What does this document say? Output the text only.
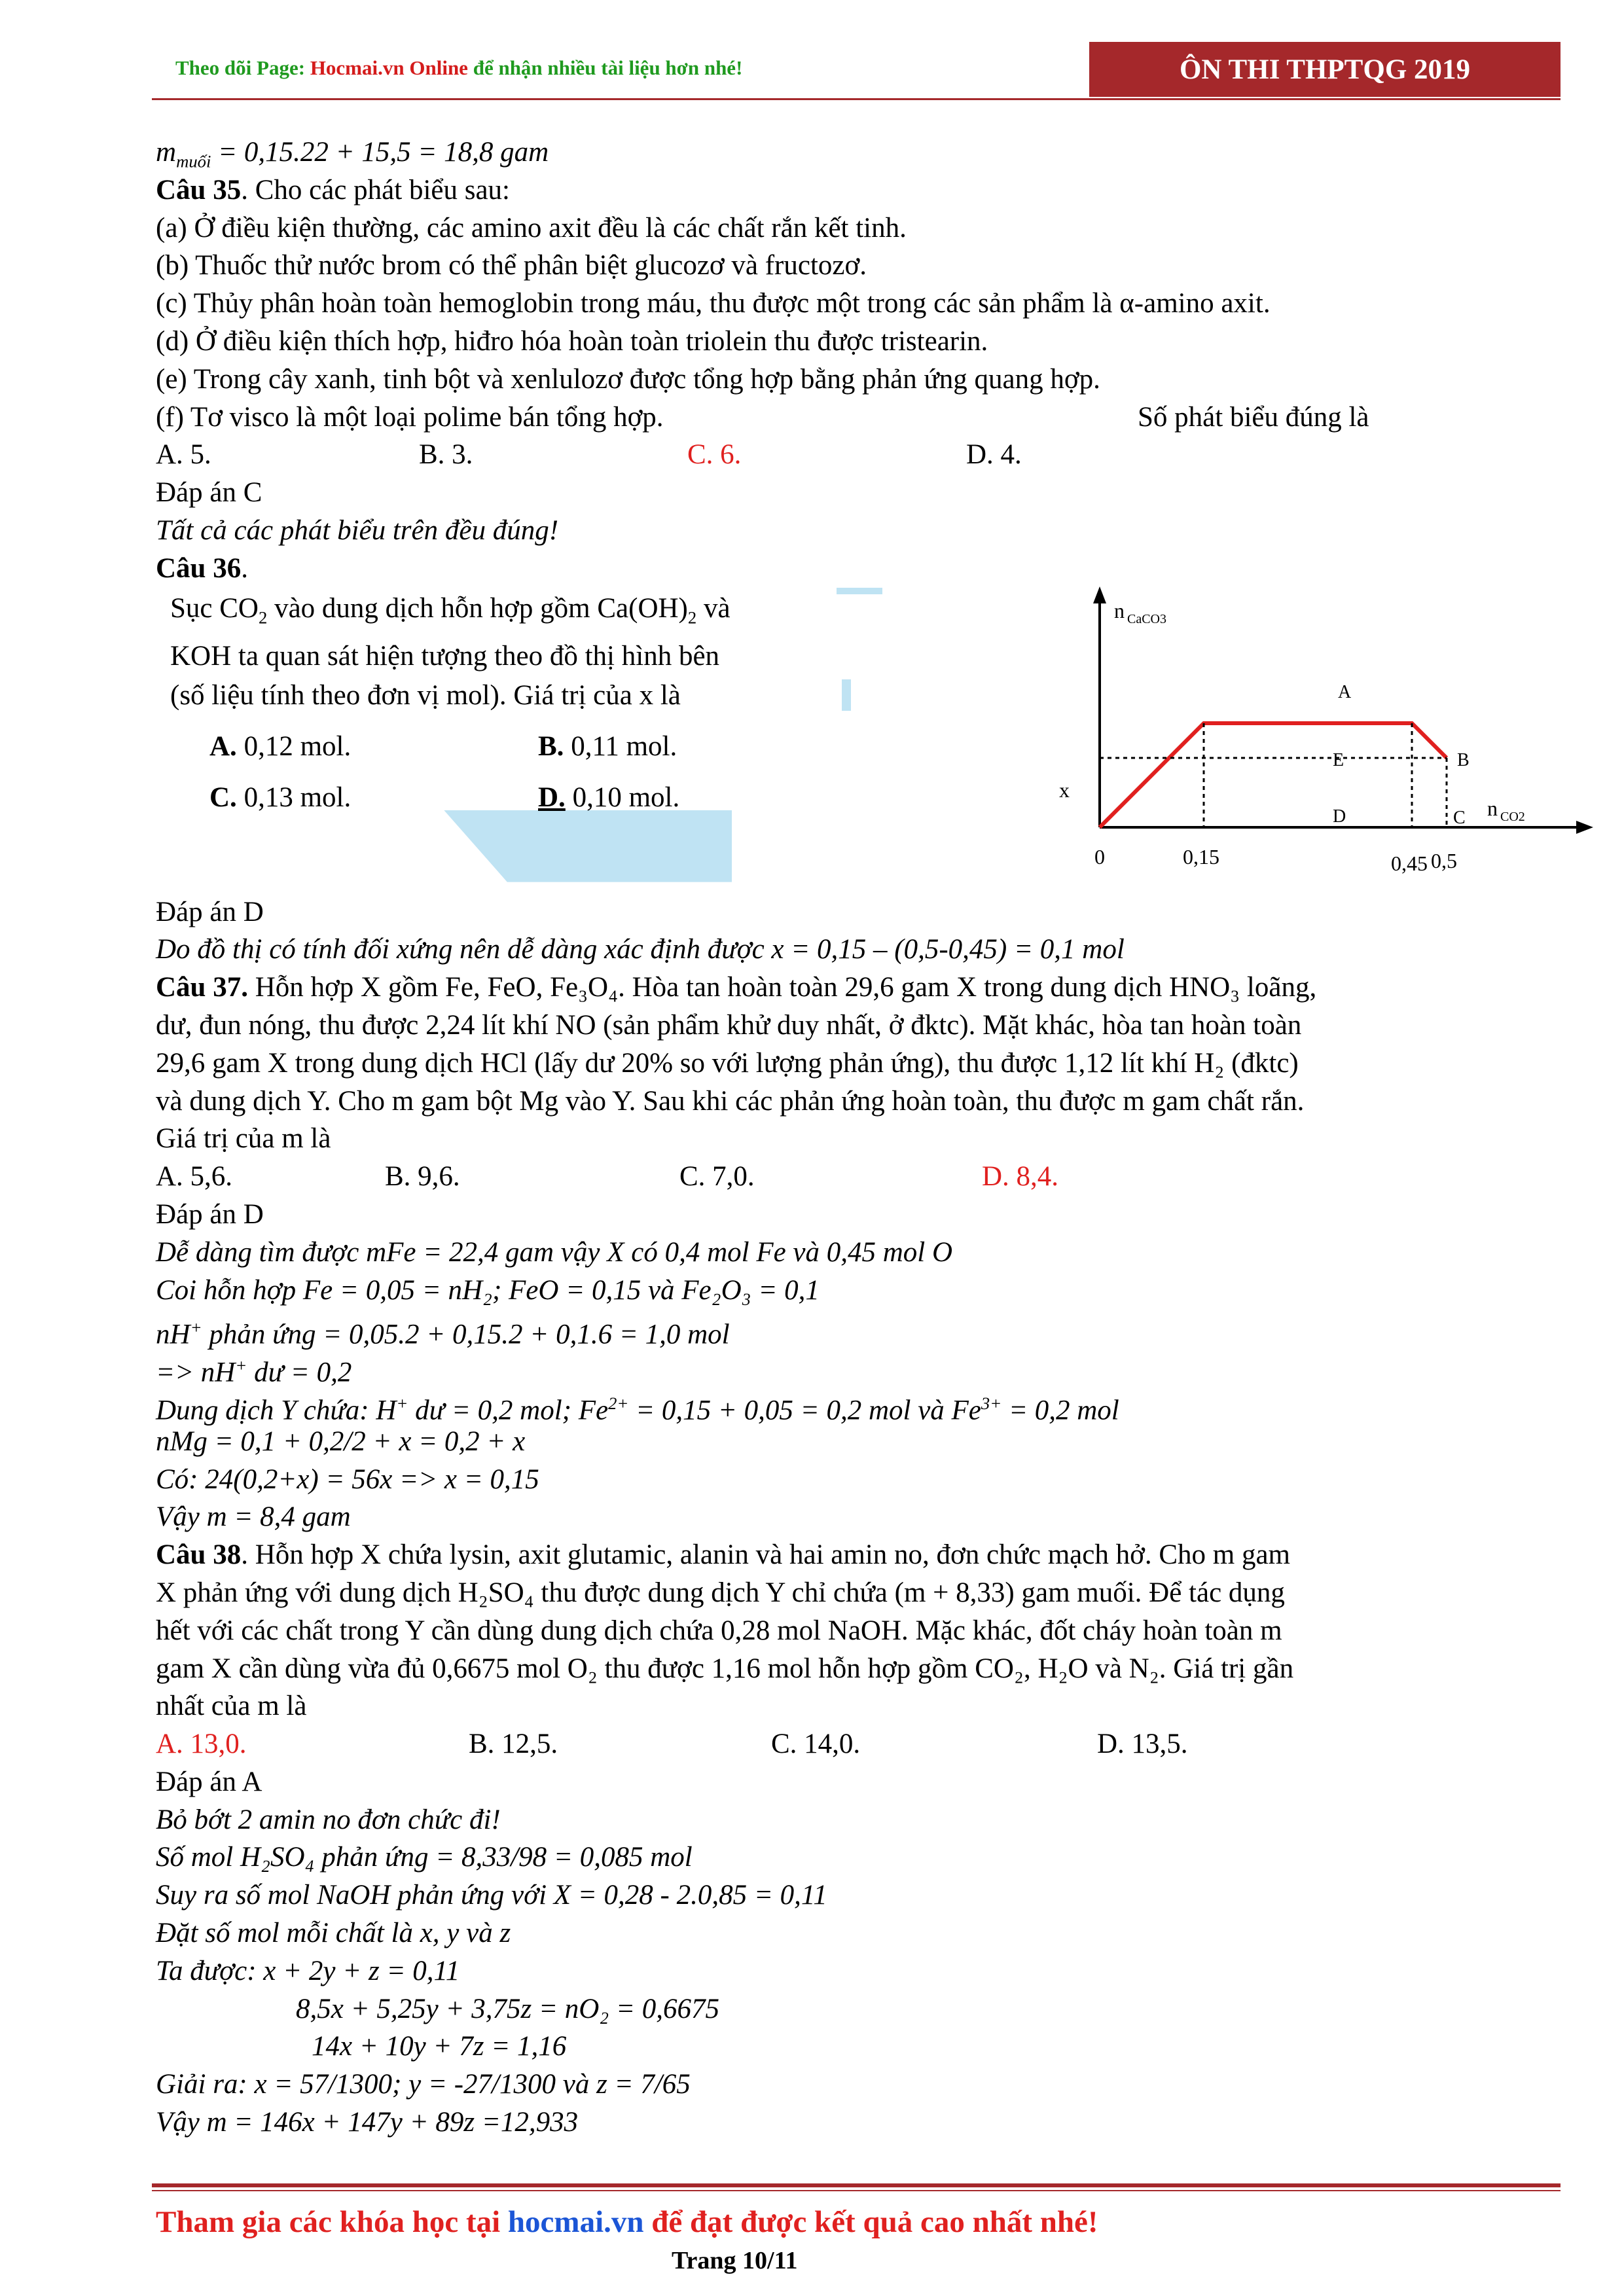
Theo dõi Page: Hocmai.vn Online để nhận nhiều tài liệu hơn nhé!	ÔN THI THPTQG 2019
$m_{muối} = 0,15.22 + 15,5 = 18,8$ gam
Câu 35. Cho các phát biểu sau:
(a) Ở điều kiện thường, các amino axit đều là các chất rắn kết tinh.
(b) Thuốc thử nước brom có thể phân biệt glucozơ và fructozơ.
(c) Thủy phân hoàn toàn hemoglobin trong máu, thu được một trong các sản phẩm là α-amino axit.
(d) Ở điều kiện thích hợp, hiđro hóa hoàn toàn triolein thu được tristearin.
(e) Trong cây xanh, tinh bột và xenlulozơ được tổng hợp bằng phản ứng quang hợp.
(f) Tơ visco là một loại polime bán tổng hợp.	Số phát biểu đúng là
A. 5.	B. 3.	C. 6.	D. 4.
Đáp án C
Tất cả các phát biểu trên đều đúng!
Câu 36.
Sục $CO_2$ vào dung dịch hỗn hợp gồm $Ca(OH)_2$ và
KOH ta quan sát hiện tượng theo đồ thị hình bên
(số liệu tính theo đơn vị mol). Giá trị của x là
A. 0,12 mol.	B. 0,11 mol.
C. 0,13 mol.	D. 0,10 mol.
n CaCO3
n CO2
x
0	0,15	0,45 0,5
A
E	B
D	C
Đáp án D
Do đồ thị có tính đối xứng nên dễ dàng xác định được x = 0,15 – (0,5-0,45) = 0,1 mol
Câu 37. Hỗn hợp X gồm Fe, FeO, Fe₃O₄. Hòa tan hoàn toàn 29,6 gam X trong dung dịch HNO₃ loãng,
dư, đun nóng, thu được 2,24 lít khí NO (sản phẩm khử duy nhất, ở đktc). Mặt khác, hòa tan hoàn toàn
29,6 gam X trong dung dịch HCl (lấy dư 20% so với lượng phản ứng), thu được 1,12 lít khí H₂ (đktc)
và dung dịch Y. Cho m gam bột Mg vào Y. Sau khi các phản ứng hoàn toàn, thu được m gam chất rắn.
Giá trị của m là
A. 5,6.	B. 9,6.	C. 7,0.	D. 8,4.
Đáp án D
Dễ dàng tìm được mFe = 22,4 gam vậy X có 0,4 mol Fe và 0,45 mol O
Coi hỗn hợp Fe = 0,05 = nH₂; FeO = 0,15 và Fe₂O₃ = 0,1
nH+ phản ứng = 0,05.2 + 0,15.2 + 0,1.6 = 1,0 mol
=> nH+ dư = 0,2
Dung dịch Y chứa: H+ dư = 0,2 mol; $Fe^{2+} = 0,15 + 0,05 = 0,2$ mol và $Fe^{3+} = 0,2$ mol
nMg = 0,1 + 0,2/2 + x = 0,2 + x
Có: 24(0,2+x) = 56x => x = 0,15
Vậy m = 8,4 gam
Câu 38. Hỗn hợp X chứa lysin, axit glutamic, alanin và hai amin no, đơn chức mạch hở. Cho m gam
X phản ứng với dung dịch H₂SO₄ thu được dung dịch Y chỉ chứa (m + 8,33) gam muối. Để tác dụng
hết với các chất trong Y cần dùng dung dịch chứa 0,28 mol NaOH. Mặc khác, đốt cháy hoàn toàn m
gam X cần dùng vừa đủ 0,6675 mol O₂ thu được 1,16 mol hỗn hợp gồm CO₂, H₂O và N₂. Giá trị gần
nhất của m là
A. 13,0.	B. 12,5.	C. 14,0.	D. 13,5.
Đáp án A
Bỏ bớt 2 amin no đơn chức đi!
Số mol H₂SO₄ phản ứng = 8,33/98 = 0,085 mol
Suy ra số mol NaOH phản ứng với X = 0,28 - 2.0,85 = 0,11
Đặt số mol mỗi chất là x, y và z
Ta được: x + 2y + z = 0,11
8,5x + 5,25y + 3,75z = nO₂ = 0,6675
14x + 10y + 7z = 1,16
Giải ra: x = 57/1300; y = -27/1300 và z = 7/65
Vậy m = 146x + 147y + 89z =12,933
Tham gia các khóa học tại hocmai.vn để đạt được kết quả cao nhất nhé!
Trang 10/11
